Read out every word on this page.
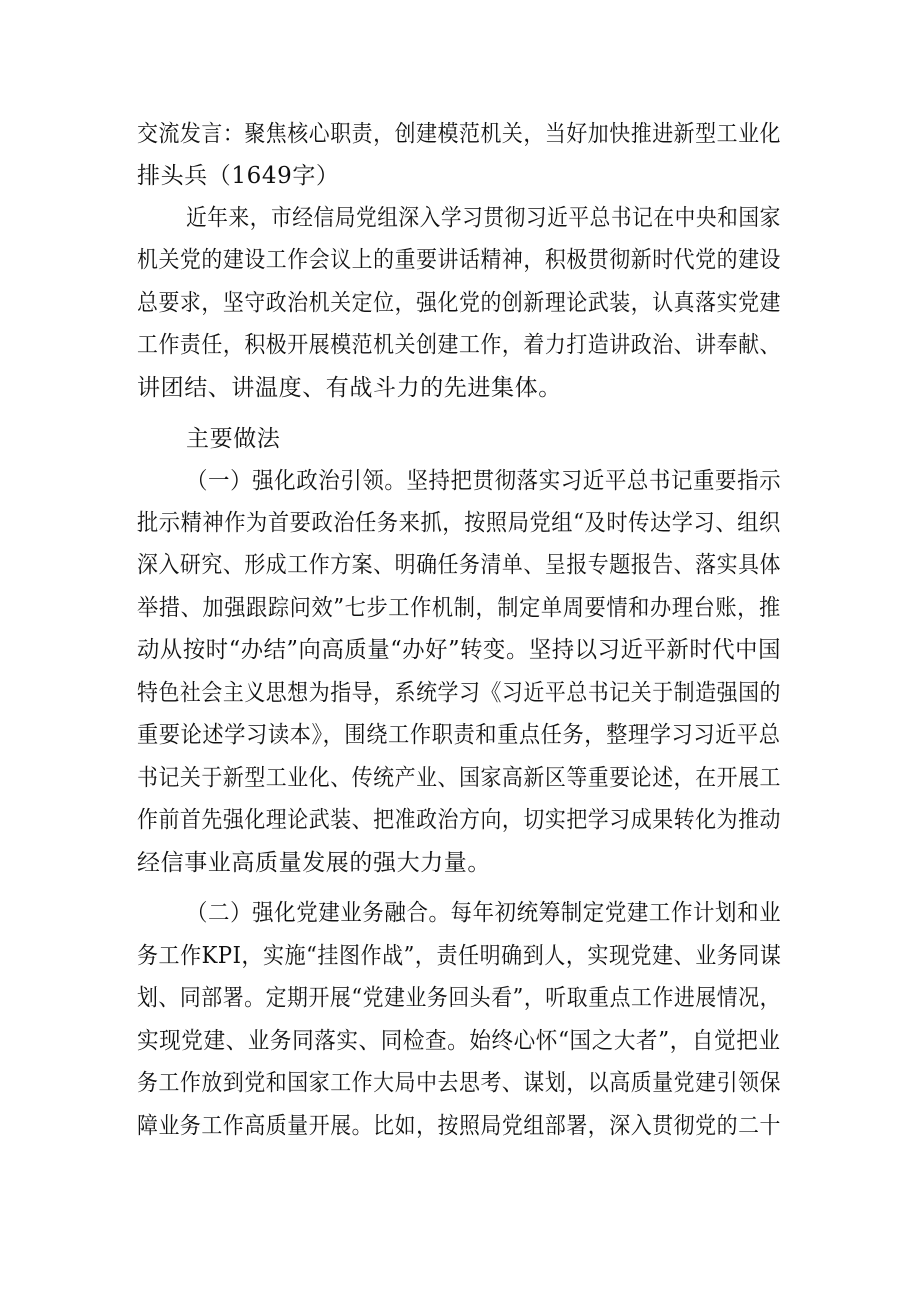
交流发言：聚焦核心职责，创建模范机关，当好加快推进新型工业化
排头兵（1649字）
近年来，市经信局党组深入学习贯彻习近平总书记在中央和国家
机关党的建设工作会议上的重要讲话精神，积极贯彻新时代党的建设
总要求，坚守政治机关定位，强化党的创新理论武装，认真落实党建
工作责任，积极开展模范机关创建工作，着力打造讲政治、讲奉献、
讲团结、讲温度、有战斗力的先进集体。
主要做法
（一）强化政治引领。坚持把贯彻落实习近平总书记重要指示
批示精神作为首要政治任务来抓，按照局党组“及时传达学习、组织
深入研究、形成工作方案、明确任务清单、呈报专题报告、落实具体
举措、加强跟踪问效”七步工作机制，制定单周要情和办理台账，推
动从按时“办结”向高质量“办好”转变。坚持以习近平新时代中国
特色社会主义思想为指导，系统学习《习近平总书记关于制造强国的
重要论述学习读本》，围绕工作职责和重点任务，整理学习习近平总
书记关于新型工业化、传统产业、国家高新区等重要论述，在开展工
作前首先强化理论武装、把准政治方向，切实把学习成果转化为推动
经信事业高质量发展的强大力量。
（二）强化党建业务融合。每年初统筹制定党建工作计划和业
务工作KPI，实施“挂图作战”，责任明确到人，实现党建、业务同谋
划、同部署。定期开展“党建业务回头看”，听取重点工作进展情况，
实现党建、业务同落实、同检查。始终心怀“国之大者”，自觉把业
务工作放到党和国家工作大局中去思考、谋划，以高质量党建引领保
障业务工作高质量开展。比如，按照局党组部署，深入贯彻党的二十
